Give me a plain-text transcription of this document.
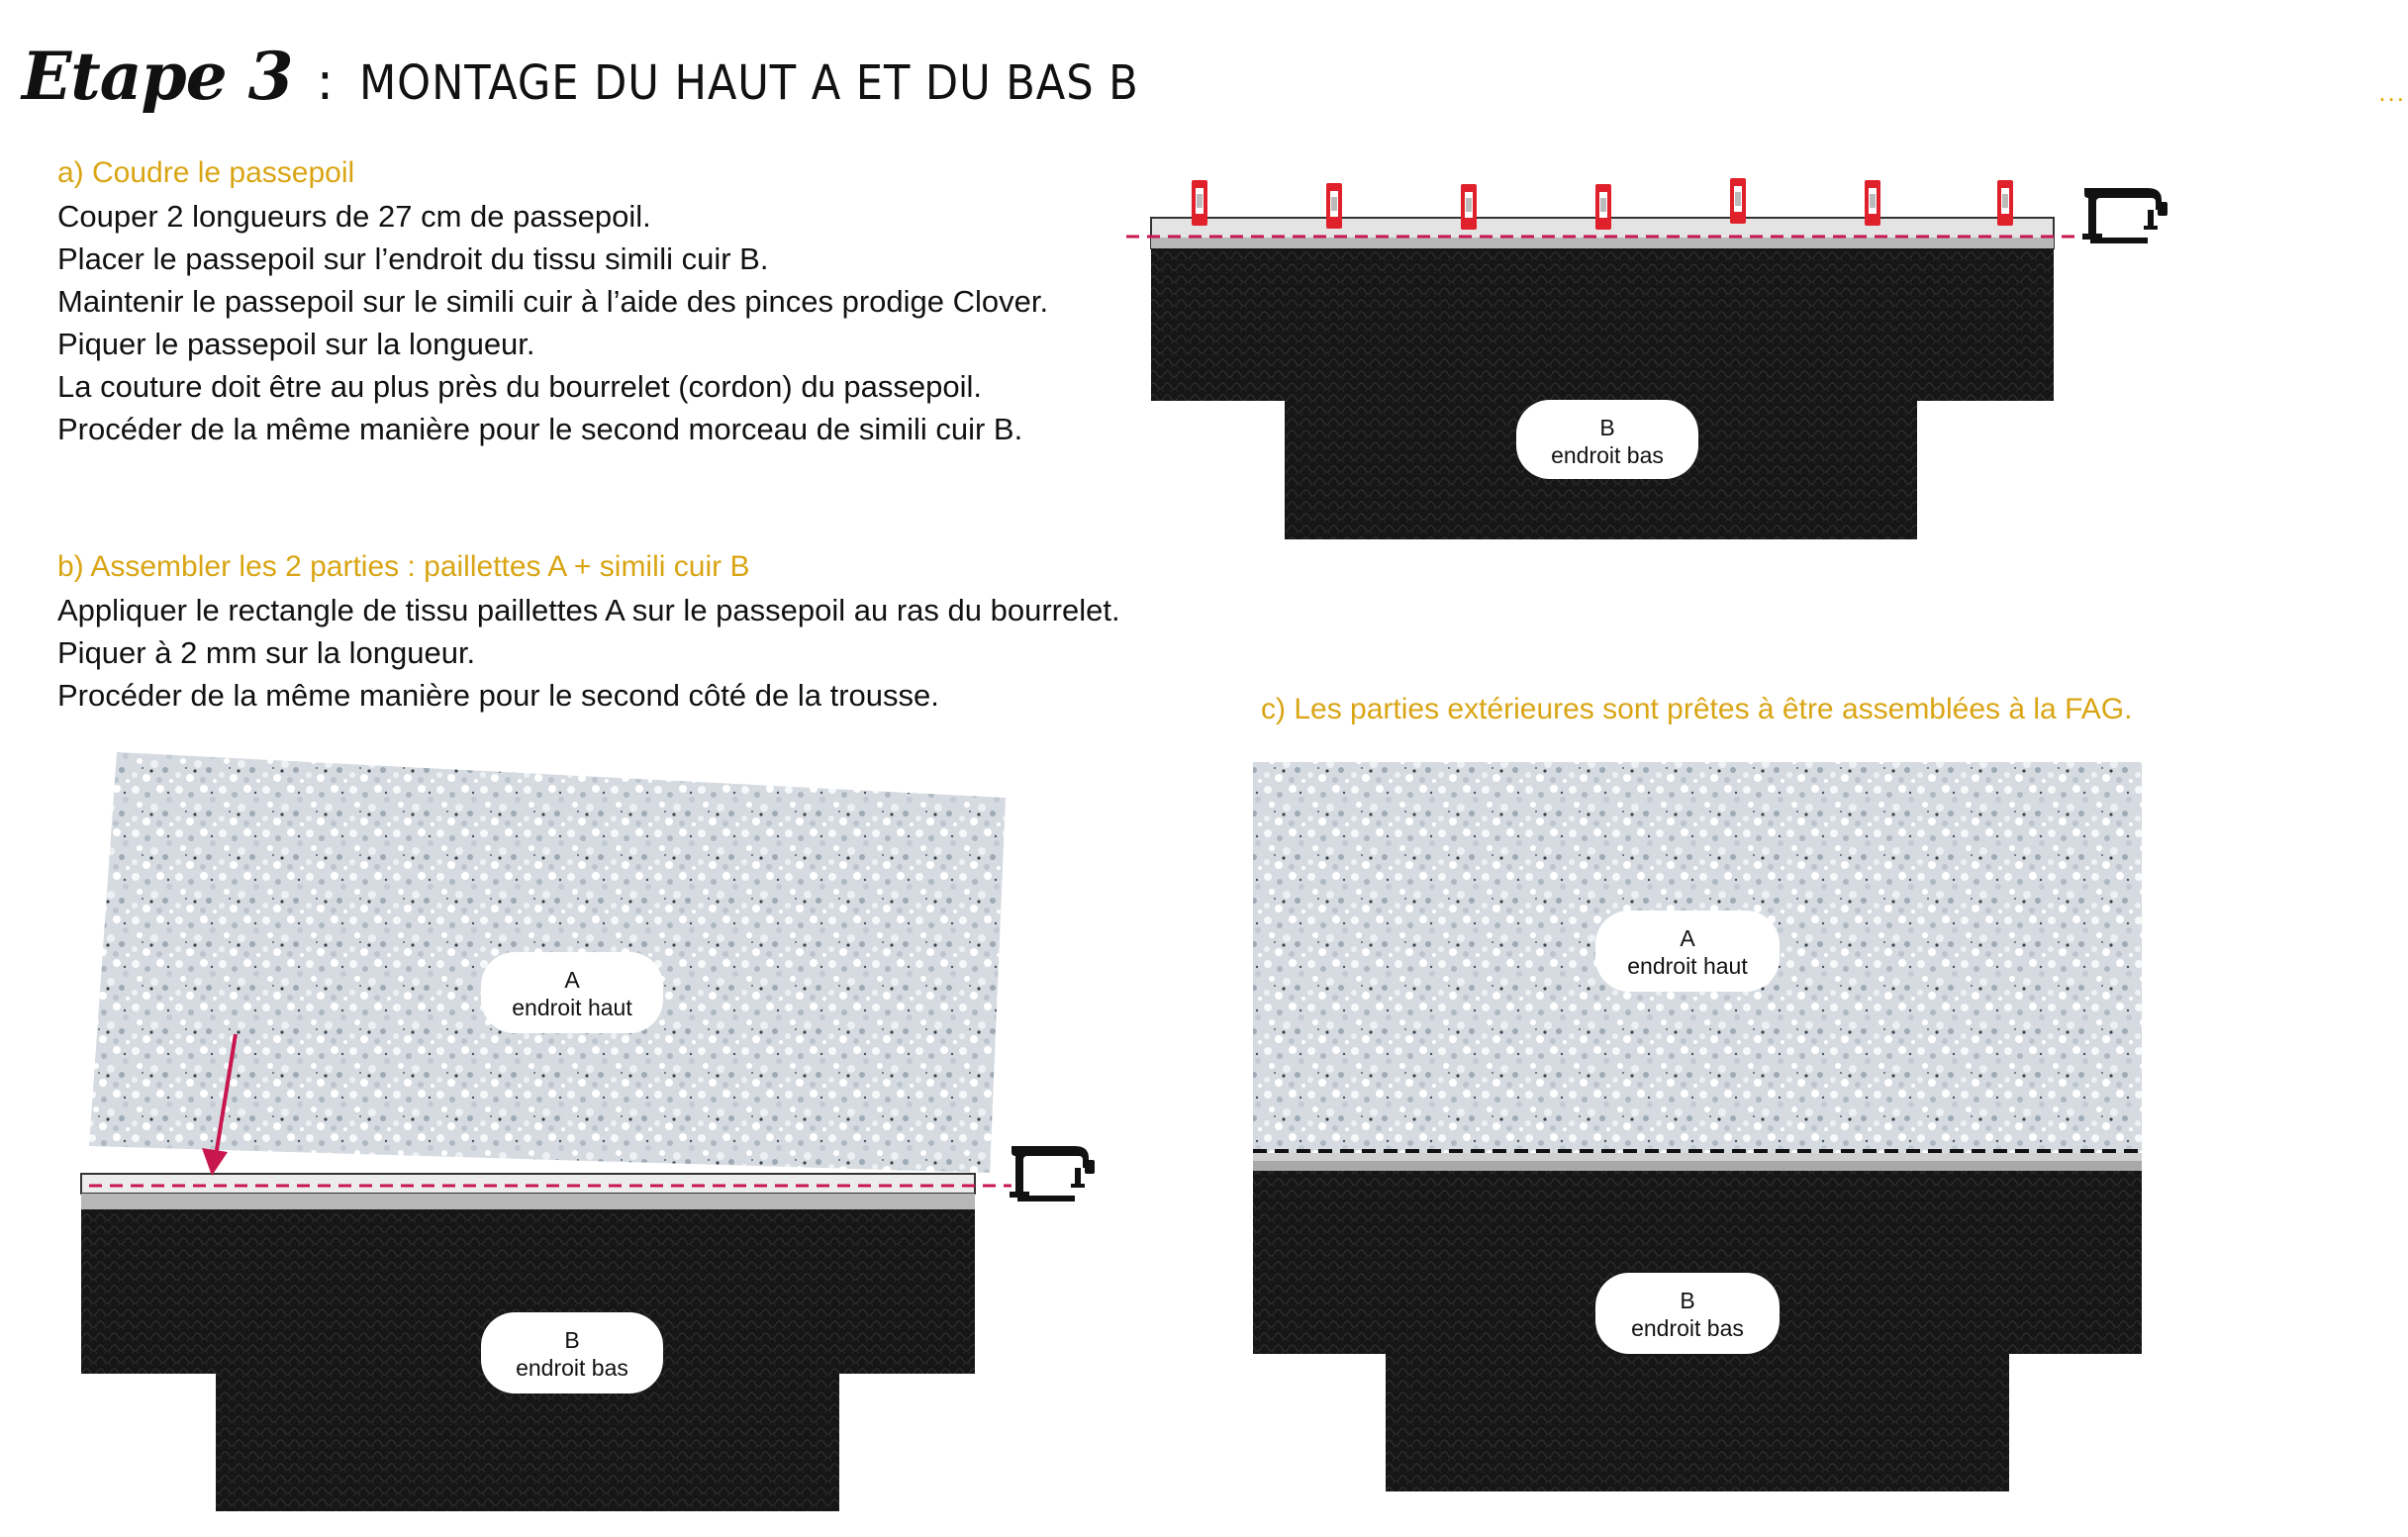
Etape 3 : MONTAGE DU HAUT A ET DU BAS B	...
a) Coudre le passepoil
Couper 2 longueurs de 27 cm de passepoil.
Placer le passepoil sur l’endroit du tissu simili cuir B.
Maintenir le passepoil sur le simili cuir à l’aide des pinces prodige Clover.
Piquer le passepoil sur la longueur.
La couture doit être au plus près du bourrelet (cordon) du passepoil.
Procéder de la même manière pour le second morceau de simili cuir B.
b) Assembler les 2 parties : paillettes A + simili cuir B
Appliquer le rectangle de tissu paillettes A sur le passepoil au ras du bourrelet.
Piquer à 2 mm sur la longueur.
Procéder de la même manière pour le second côté de la trousse.	c) Les parties extérieures sont prêtes à être assemblées à la FAG.
B
endroit bas
A
endroit haut
B
endroit bas
A
endroit haut
B
endroit bas
